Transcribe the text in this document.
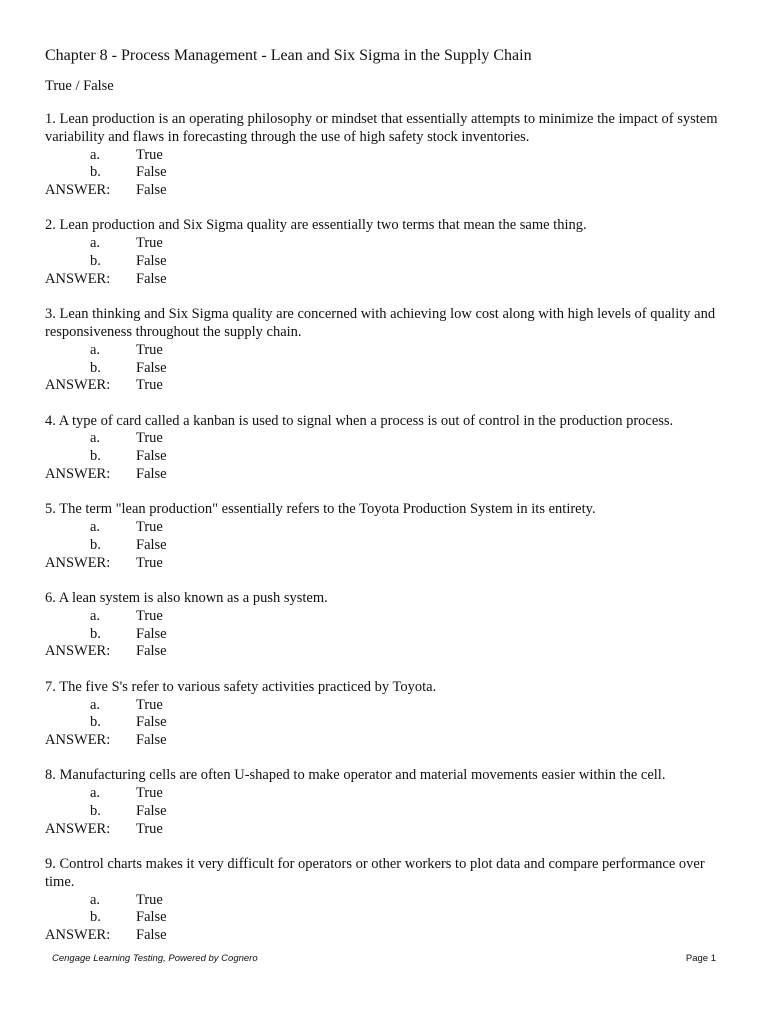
Chapter 8 - Process Management - Lean and Six Sigma in the Supply Chain
True / False

1. Lean production is an operating philosophy or mindset that essentially attempts to minimize the impact of system variability and flaws in forecasting through the use of high safety stock inventories.

a. True
b. False
ANSWER: False

2. Lean production and Six Sigma quality are essentially two terms that mean the same thing.

a. True
b. False
ANSWER: False

3. Lean thinking and Six Sigma quality are concerned with achieving low cost along with high levels of quality and responsiveness throughout the supply chain.

a. True
b. False
ANSWER: True

4. A type of card called a kanban is used to signal when a process is out of control in the production process.

a. True
b. False
ANSWER: False

5. The term "lean production" essentially refers to the Toyota Production System in its entirety.

a. True
b. False
ANSWER: True

6. A lean system is also known as a push system.

a. True
b. False
ANSWER: False

7. The five S's refer to various safety activities practiced by Toyota.

a. True
b. False
ANSWER: False

8. Manufacturing cells are often U-shaped to make operator and material movements easier within the cell.

a. True
b. False
ANSWER: True

9. Control charts makes it very difficult for operators or other workers to plot data and compare performance over time.

a. True
b. False
ANSWER: False
Cengage Learning Testing, Powered by Cognero	Page 1
